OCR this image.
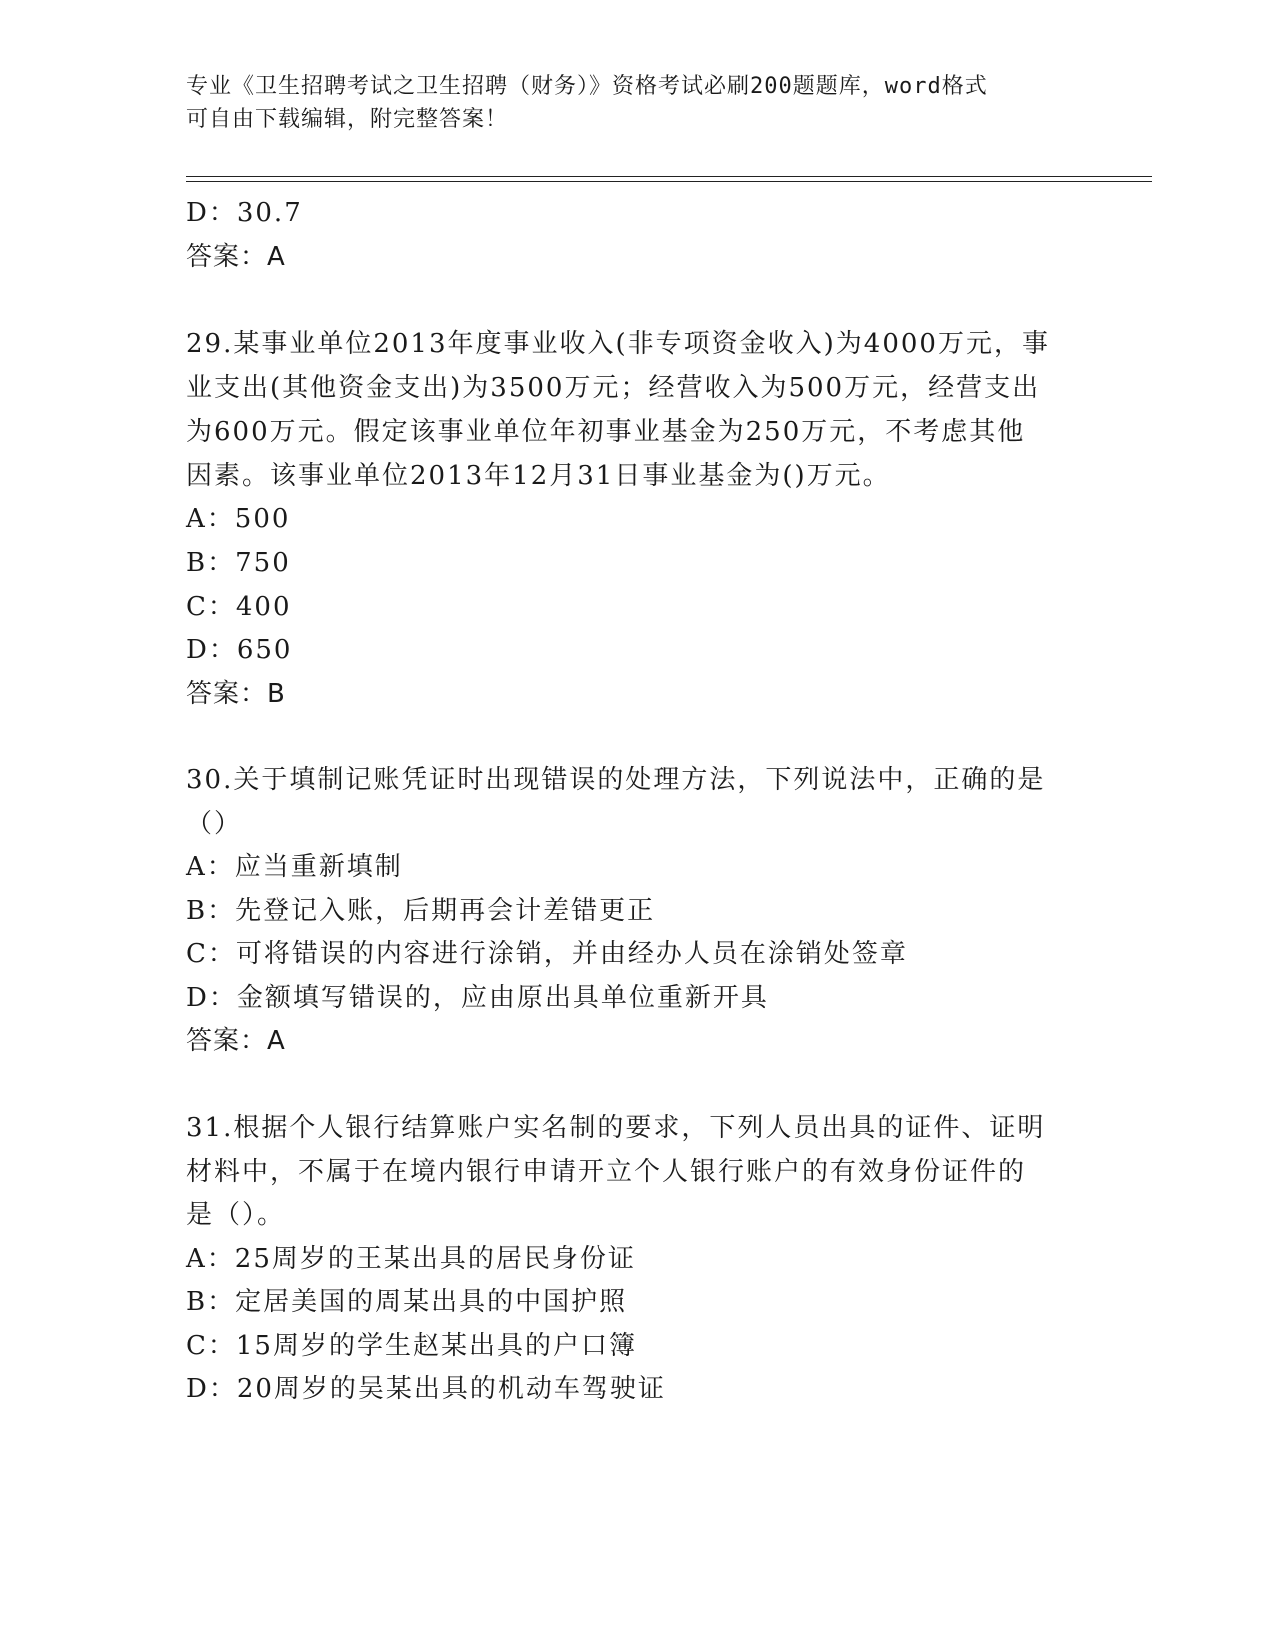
专业《卫生招聘考试之卫生招聘（财务）》资格考试必刷200题题库，word格式
可自由下载编辑，附完整答案！
D：30.7
答案：A
29.某事业单位2013年度事业收入(非专项资金收入)为4000万元，事
业支出(其他资金支出)为3500万元；经营收入为500万元，经营支出
为600万元。假定该事业单位年初事业基金为250万元，不考虑其他
因素。该事业单位2013年12月31日事业基金为()万元。
A：500
B：750
C：400
D：650
答案：B
30.关于填制记账凭证时出现错误的处理方法，下列说法中，正确的是
（）
A：应当重新填制
B：先登记入账，后期再会计差错更正
C：可将错误的内容进行涂销，并由经办人员在涂销处签章
D：金额填写错误的，应由原出具单位重新开具
答案：A
31.根据个人银行结算账户实名制的要求，下列人员出具的证件、证明
材料中，不属于在境内银行申请开立个人银行账户的有效身份证件的
是（）。
A：25周岁的王某出具的居民身份证
B：定居美国的周某出具的中国护照
C：15周岁的学生赵某出具的户口簿
D：20周岁的吴某出具的机动车驾驶证
